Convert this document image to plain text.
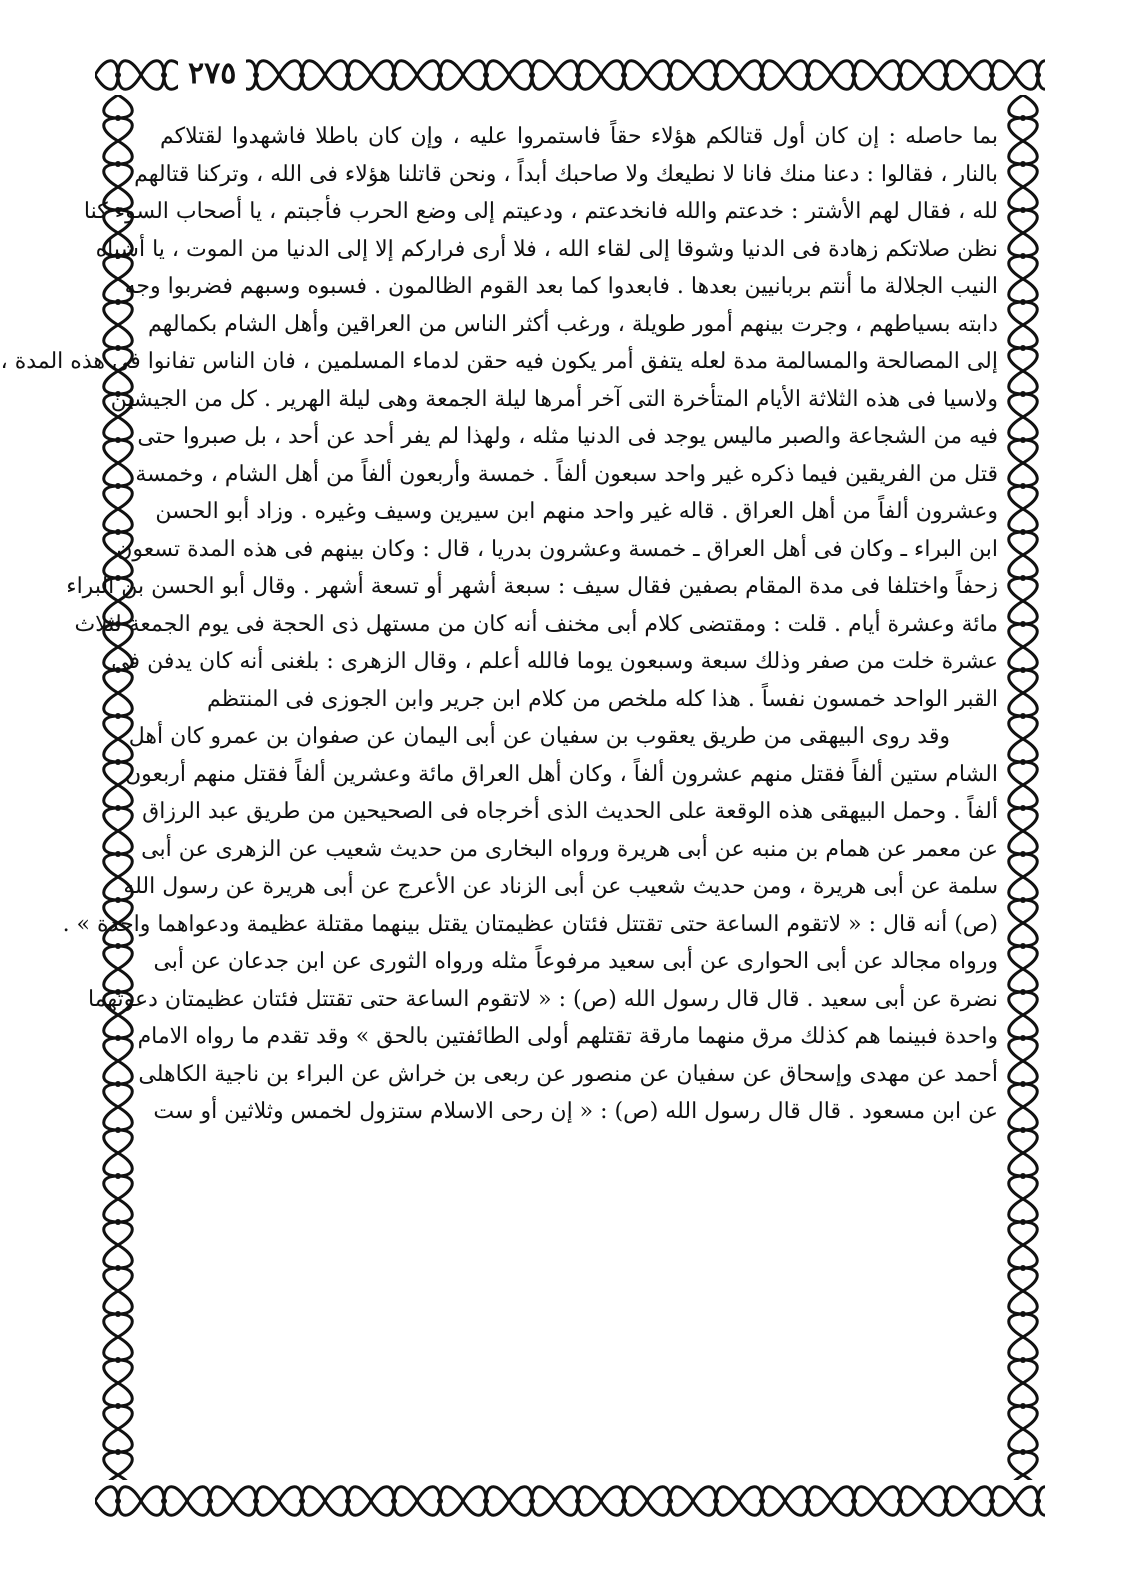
٢٧٥
بما حاصله : إن كان أول قتالكم هؤلاء حقاً فاستمروا عليه ، وإن كان باطلا فاشهدوا لقتلاكم
بالنار ، فقالوا : دعنا منك فانا لا نطيعك ولا صاحبك أبداً ، ونحن قاتلنا هؤلاء فى الله ، وتركنا قتالهم
لله ، فقال لهم الأشتر : خدعتم والله فانخدعتم ، ودعيتم إلى وضع الحرب فأجبتم ، يا أصحاب السوء كنا
نظن صلاتكم زهادة فى الدنيا وشوقا إلى لقاء الله ، فلا أرى فراركم إلا إلى الدنيا من الموت ، يا أشباه
النيب الجلالة ما أنتم بربانيين بعدها . فابعدوا كما بعد القوم الظالمون . فسبوه وسبهم فضربوا وجه
دابته بسياطهم ، وجرت بينهم أمور طويلة ، ورغب أكثر الناس من العراقين وأهل الشام بكمالهم
إلى المصالحة والمسالمة مدة لعله يتفق أمر يكون فيه حقن لدماء المسلمين ، فان الناس تفانوا فى هذه المدة ،
ولاسيا فى هذه الثلاثة الأيام المتأخرة التى آخر أمرها ليلة الجمعة وهى ليلة الهرير . كل من الجيشين
فيه من الشجاعة والصبر ماليس يوجد فى الدنيا مثله ، ولهذا لم يفر أحد عن أحد ، بل صبروا حتى
قتل من الفريقين فيما ذكره غير واحد سبعون ألفاً . خمسة وأربعون ألفاً من أهل الشام ، وخمسة
وعشرون ألفاً من أهل العراق . قاله غير واحد منهم ابن سيرين وسيف وغيره . وزاد أبو الحسن
ابن البراء ـ وكان فى أهل العراق ـ خمسة وعشرون بدريا ، قال : وكان بينهم فى هذه المدة تسعون
زحفاً واختلفا فى مدة المقام بصفين فقال سيف : سبعة أشهر أو تسعة أشهر . وقال أبو الحسن بن البراء
مائة وعشرة أيام . قلت : ومقتضى كلام أبى مخنف أنه كان من مستهل ذى الحجة فى يوم الجمعة لثلاث
عشرة خلت من صفر وذلك سبعة وسبعون يوما فالله أعلم ، وقال الزهرى : بلغنى أنه كان يدفن فى
القبر الواحد خمسون نفساً . هذا كله ملخص من كلام ابن جرير وابن الجوزى فى المنتظم
وقد روى البيهقى من طريق يعقوب بن سفيان عن أبى اليمان عن صفوان بن عمرو كان أهل
الشام ستين ألفاً فقتل منهم عشرون ألفاً ، وكان أهل العراق مائة وعشرين ألفاً فقتل منهم أربعون
ألفاً . وحمل البيهقى هذه الوقعة على الحديث الذى أخرجاه فى الصحيحين من طريق عبد الرزاق
عن معمر عن همام بن منبه عن أبى هريرة ورواه البخارى من حديث شعيب عن الزهرى عن أبى
سلمة عن أبى هريرة ، ومن حديث شعيب عن أبى الزناد عن الأعرج عن أبى هريرة عن رسول الله
(ص) أنه قال : « لاتقوم الساعة حتى تقتتل فئتان عظيمتان يقتل بينهما مقتلة عظيمة ودعواهما واحدة » .
ورواه مجالد عن أبى الحوارى عن أبى سعيد مرفوعاً مثله ورواه الثورى عن ابن جدعان عن أبى
نضرة عن أبى سعيد . قال قال رسول الله (ص) : « لاتقوم الساعة حتى تقتتل فئتان عظيمتان دعوتهما
واحدة فبينما هم كذلك مرق منهما مارقة تقتلهم أولى الطائفتين بالحق » وقد تقدم ما رواه الامام
أحمد عن مهدى وإسحاق عن سفيان عن منصور عن ربعى بن خراش عن البراء بن ناجية الكاهلى
عن ابن مسعود . قال قال رسول الله (ص) : « إن رحى الاسلام ستزول لخمس وثلاثين أو ست
